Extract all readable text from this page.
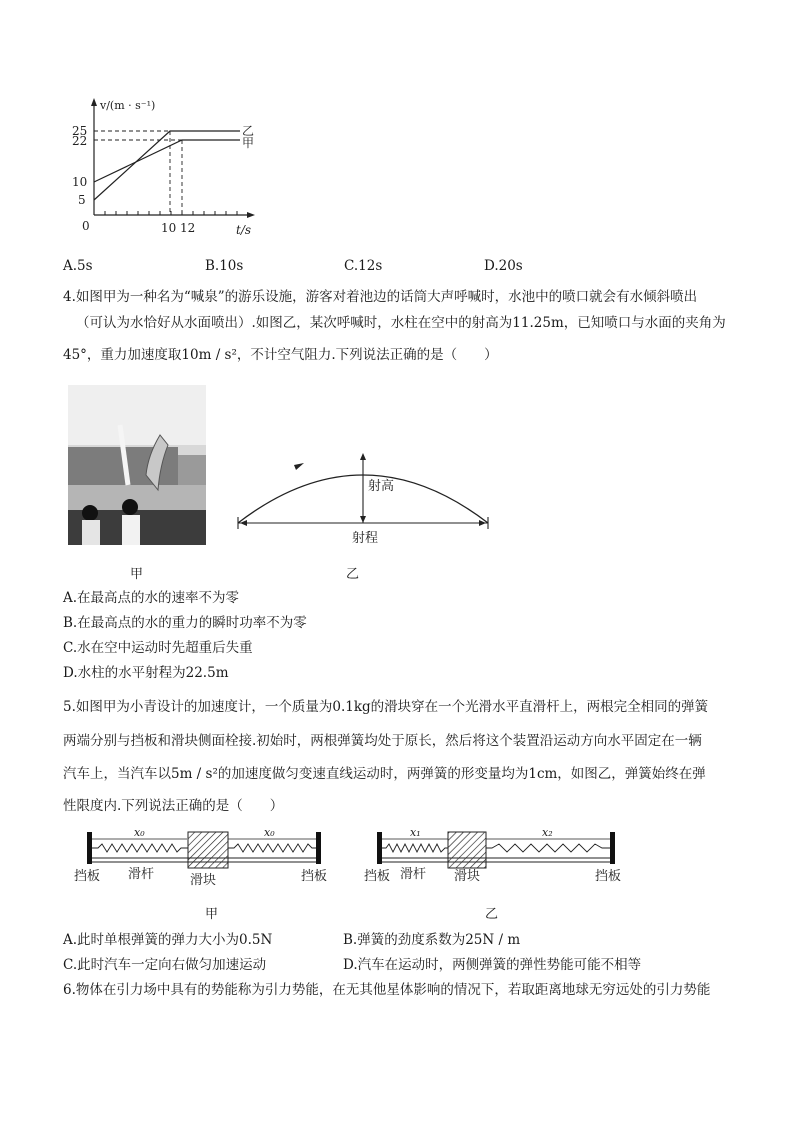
v/(m · s⁻¹)
25
22
10
5
0	10 12	t/s
乙
甲
A.5s	B.10s	C.12s	D.20s
4.如图甲为一种名为“喊泉”的游乐设施，游客对着池边的话筒大声呼喊时，水池中的喷口就会有水倾斜喷出
（可认为水恰好从水面喷出）.如图乙，某次呼喊时，水柱在空中的射高为11.25m，已知喷口与水面的夹角为
45°，重力加速度取10m / s²，不计空气阻力.下列说法正确的是（　　）
射高
射程
甲	乙
A.在最高点的水的速率不为零
B.在最高点的水的重力的瞬时功率不为零
C.水在空中运动时先超重后失重
D.水柱的水平射程为22.5m
5.如图甲为小青设计的加速度计，一个质量为0.1kg的滑块穿在一个光滑水平直滑杆上，两根完全相同的弹簧
两端分别与挡板和滑块侧面栓接.初始时，两根弹簧均处于原长，然后将这个装置沿运动方向水平固定在一辆
汽车上，当汽车以5m / s²的加速度做匀变速直线运动时，两弹簧的形变量均为1cm，如图乙，弹簧始终在弹
性限度内.下列说法正确的是（　　）
x₀	x₀
挡板 滑杆	滑块	挡板
x₁	x₂
挡板 滑杆 滑块	挡板
甲	乙
A.此时单根弹簧的弹力大小为0.5N	B.弹簧的劲度系数为25N / m
C.此时汽车一定向右做匀加速运动	D.汽车在运动时，两侧弹簧的弹性势能可能不相等
6.物体在引力场中具有的势能称为引力势能，在无其他星体影响的情况下，若取距离地球无穷远处的引力势能
